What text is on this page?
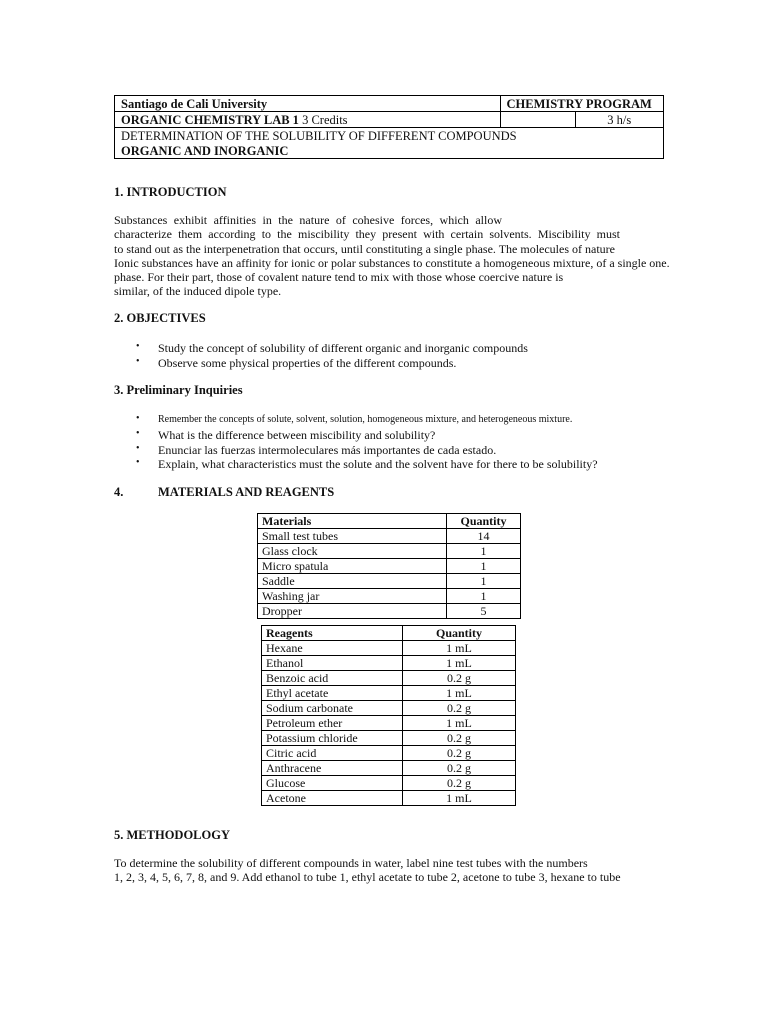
Santiago de Cali University	CHEMISTRY PROGRAM	
ORGANIC CHEMISTRY LAB 1 3 Credits		3 h/s
DETERMINATION OF THE SOLUBILITY OF DIFFERENT COMPOUNDS		
ORGANIC AND INORGANIC		
1. INTRODUCTION
Substances exhibit affinities in the nature of cohesive forces, which allow
characterize them according to the miscibility they present with certain solvents. Miscibility must
to stand out as the interpenetration that occurs, until constituting a single phase. The molecules of nature
Ionic substances have an affinity for ionic or polar substances to constitute a homogeneous mixture, of a single one.
phase. For their part, those of covalent nature tend to mix with those whose coercive nature is
similar, of the induced dipole type.
2. OBJECTIVES
• Study the concept of solubility of different organic and inorganic compounds
• Observe some physical properties of the different compounds.
3. Preliminary Inquiries
• Remember the concepts of solute, solvent, solution, homogeneous mixture, and heterogeneous mixture.
• What is the difference between miscibility and solubility?
• Enunciar las fuerzas intermoleculares más importantes de cada estado.
• Explain, what characteristics must the solute and the solvent have for there to be solubility?
4.	MATERIALS AND REAGENTS
Materials	Quantity
Small test tubes	14
Glass clock	1
Micro spatula	1
Saddle	1
Washing jar	1
Dropper	5
Reagents	Quantity
Hexane	1 mL
Ethanol	1 mL
Benzoic acid	0.2 g
Ethyl acetate	1 mL
Sodium carbonate	0.2 g
Petroleum ether	1 mL
Potassium chloride	0.2 g
Citric acid	0.2 g
Anthracene	0.2 g
Glucose	0.2 g
Acetone	1 mL
5. METHODOLOGY
To determine the solubility of different compounds in water, label nine test tubes with the numbers
1, 2, 3, 4, 5, 6, 7, 8, and 9. Add ethanol to tube 1, ethyl acetate to tube 2, acetone to tube 3, hexane to tube
